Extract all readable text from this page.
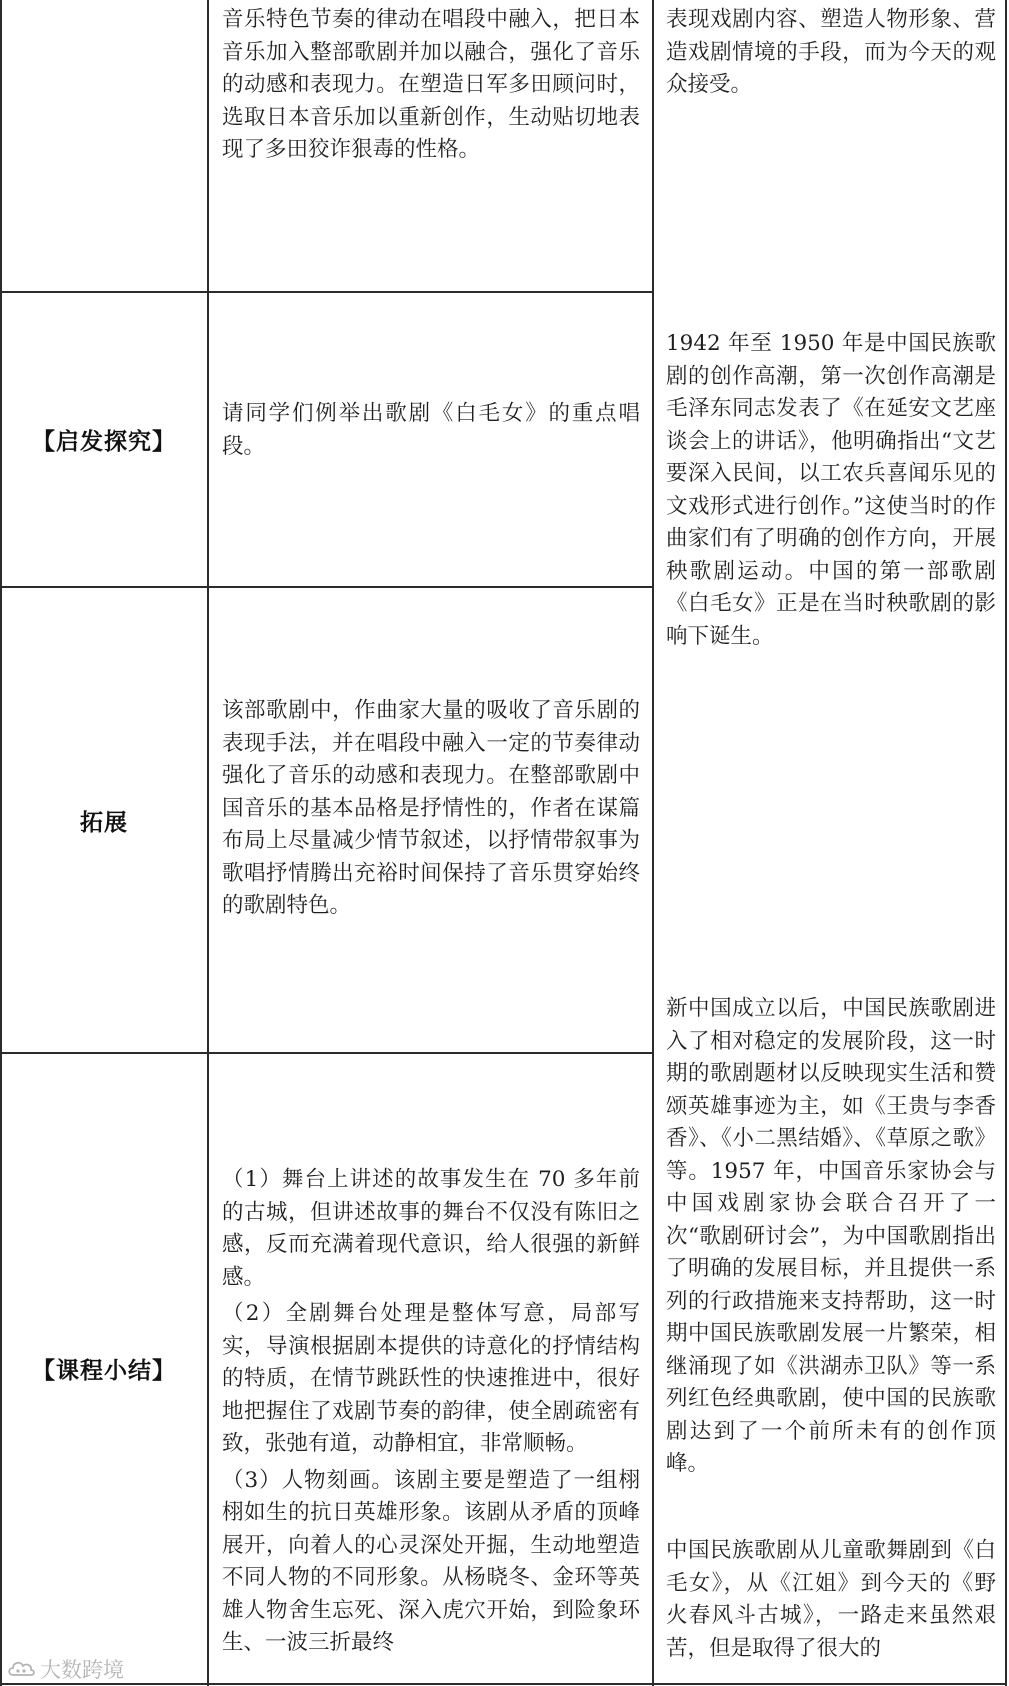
音乐特色节奏的律动在唱段中融入，把日本音乐加入整部歌剧并加以融合，强化了音乐的动感和表现力。在塑造日军多田顾问时，选取日本音乐加以重新创作，生动贴切地表现了多田狡诈狠毒的性格。

【启发探究】

请同学们例举出歌剧《白毛女》的重点唱段。

拓展

该部歌剧中，作曲家大量的吸收了音乐剧的表现手法，并在唱段中融入一定的节奏律动强化了音乐的动感和表现力。在整部歌剧中国音乐的基本品格是抒情性的，作者在谋篇布局上尽量减少情节叙述，以抒情带叙事为歌唱抒情腾出充裕时间保持了音乐贯穿始终的歌剧特色。

【课程小结】

（1）舞台上讲述的故事发生在 70 多年前的古城，但讲述故事的舞台不仅没有陈旧之感，反而充满着现代意识，给人很强的新鲜感。

（2）全剧舞台处理是整体写意，局部写实，导演根据剧本提供的诗意化的抒情结构的特质，在情节跳跃性的快速推进中，很好地把握住了戏剧节奏的韵律，使全剧疏密有致，张弛有道，动静相宜，非常顺畅。

（3）人物刻画。该剧主要是塑造了一组栩栩如生的抗日英雄形象。该剧从矛盾的顶峰展开，向着人的心灵深处开掘，生动地塑造不同人物的不同形象。从杨晓冬、金环等英雄人物舍生忘死、深入虎穴开始，到险象环生、一波三折最终

表现戏剧内容、塑造人物形象、营造戏剧情境的手段，而为今天的观众接受。

1942 年至 1950 年是中国民族歌剧的创作高潮，第一次创作高潮是毛泽东同志发表了《在延安文艺座谈会上的讲话》，他明确指出“文艺要深入民间，以工农兵喜闻乐见的文戏形式进行创作。”这使当时的作曲家们有了明确的创作方向，开展秧歌剧运动。中国的第一部歌剧《白毛女》正是在当时秧歌剧的影响下诞生。

新中国成立以后，中国民族歌剧进入了相对稳定的发展阶段，这一时期的歌剧题材以反映现实生活和赞颂英雄事迹为主，如《王贵与李香香》、《小二黑结婚》、《草原之歌》等。1957 年，中国音乐家协会与中国戏剧家协会联合召开了一次“歌剧研讨会”，为中国歌剧指出了明确的发展目标，并且提供一系列的行政措施来支持帮助，这一时期中国民族歌剧发展一片繁荣，相继涌现了如《洪湖赤卫队》等一系列红色经典歌剧，使中国的民族歌剧达到了一个前所未有的创作顶峰。

中国民族歌剧从儿童歌舞剧到《白毛女》，从《江姐》到今天的《野火春风斗古城》，一路走来虽然艰苦，但是取得了很大的

大数跨境
